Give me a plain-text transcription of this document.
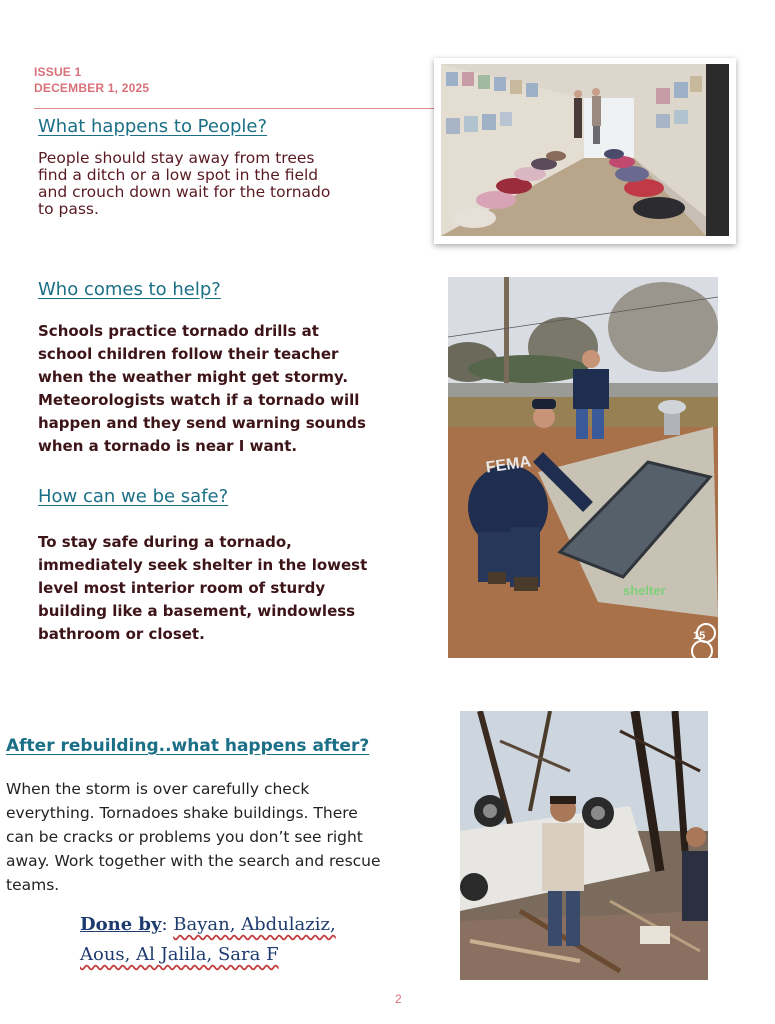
ISSUE 1
DECEMBER 1, 2025
What happens to People?

People should stay away from trees

find a ditch or a low spot in the field

and crouch down wait for the tornado

to pass.

Who comes to help?

Schools practice tornado drills at

school children follow their teacher

when the weather might get stormy.

Meteorologists watch if a tornado will

happen and they send warning sounds

when a tornado is near I want.

How can we be safe?

To stay safe during a tornado,

immediately seek shelter in the lowest

level most interior room of sturdy

building like a basement, windowless

bathroom or closet.

After rebuilding..what happens after?

When the storm is over carefully check

everything. Tornadoes shake buildings. There

can be cracks or problems you don’t see right

away. Work together with the search and rescue

teams.

Done by: Bayan, Abdulaziz,
Aous, Al Jalila, Sara F
FEMA
shelter
15
2
